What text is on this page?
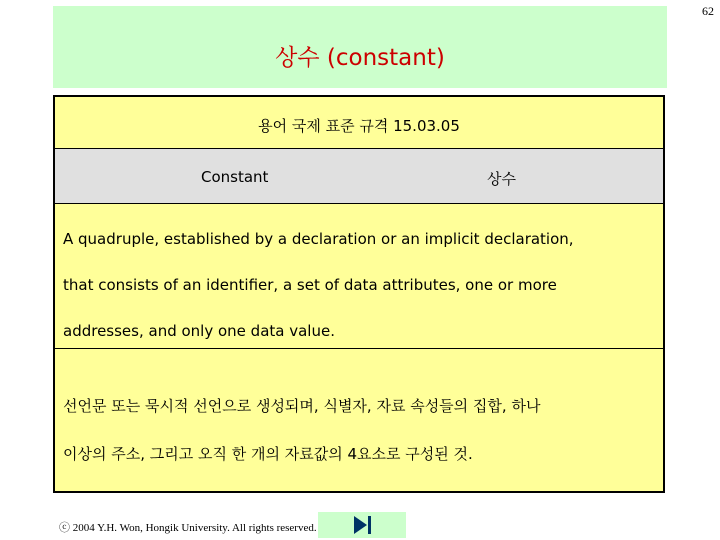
62
상수 (constant)
용어 국제 표준 규격 15.03.05
Constant	상수
A quadruple, established by a declaration or an implicit declaration,
that consists of an identifier, a set of data attributes, one or more
addresses, and only one data value.
선언문 또는 묵시적 선언으로 생성되며, 식별자, 자료 속성들의 집합, 하나
이상의 주소, 그리고 오직 한 개의 자료값의 4요소로 구성된 것.
ⓒ 2004 Y.H. Won, Hongik University. All rights reserved.
